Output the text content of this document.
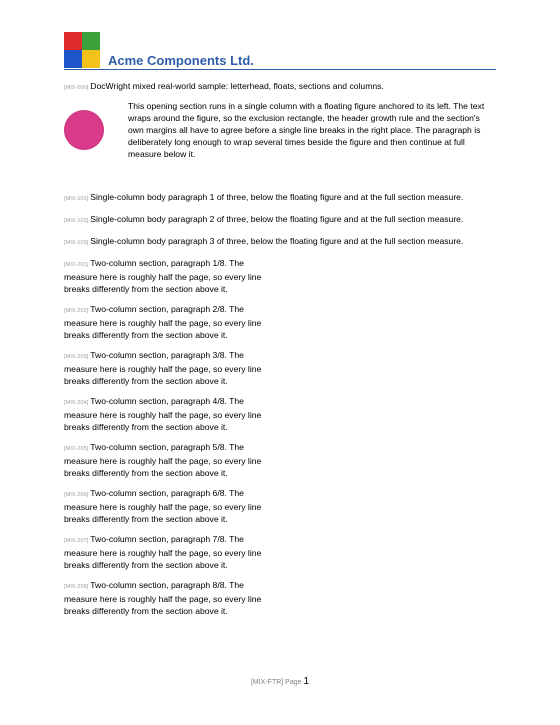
Acme Components Ltd.

[MIX-000] DocWright mixed real-world sample: letterhead, floats, sections and columns.

This opening section runs in a single column with a floating figure anchored to its left. The text wraps around the figure, so the exclusion rectangle, the header growth rule and the section's own margins all have to agree before a single line breaks in the right place. The paragraph is deliberately long enough to wrap several times beside the figure and then continue at full measure below it.

[MIX-101] Single-column body paragraph 1 of three, below the floating figure and at the full section measure.

[MIX-102] Single-column body paragraph 2 of three, below the floating figure and at the full section measure.

[MIX-103] Single-column body paragraph 3 of three, below the floating figure and at the full section measure.

[MIX-201] Two-column section, paragraph 1/8. The measure here is roughly half the page, so every line breaks differently from the section above it.

[MIX-202] Two-column section, paragraph 2/8. The measure here is roughly half the page, so every line breaks differently from the section above it.

[MIX-203] Two-column section, paragraph 3/8. The measure here is roughly half the page, so every line breaks differently from the section above it.

[MIX-204] Two-column section, paragraph 4/8. The measure here is roughly half the page, so every line breaks differently from the section above it.

[MIX-205] Two-column section, paragraph 5/8. The measure here is roughly half the page, so every line breaks differently from the section above it.

[MIX-206] Two-column section, paragraph 6/8. The measure here is roughly half the page, so every line breaks differently from the section above it.

[MIX-207] Two-column section, paragraph 7/8. The measure here is roughly half the page, so every line breaks differently from the section above it.

[MIX-208] Two-column section, paragraph 8/8. The measure here is roughly half the page, so every line breaks differently from the section above it.

[MIX-FTR] Page 1
